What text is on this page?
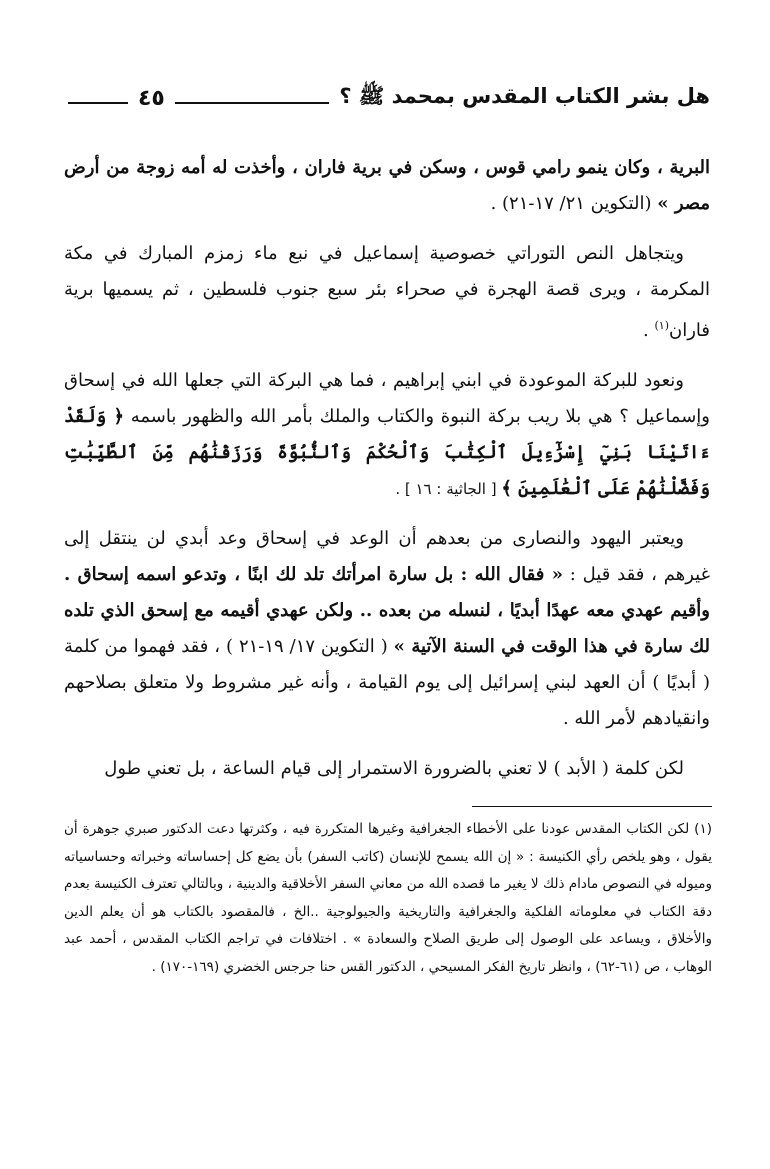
هل بشر الكتاب المقدس بمحمد ﷺ ؟
٤٥

البرية ، وكان ينمو رامي قوس ، وسكن في برية فاران ، وأخذت له أمه زوجة من أرض مصر » (التكوين ٢١/ ١٧-٢١) .

ويتجاهل النص التوراتي خصوصية إسماعيل في نبع ماء زمزم المبارك في مكة المكرمة ، ويرى قصة الهجرة في صحراء بئر سبع جنوب فلسطين ، ثم يسميها برية فاران$^{(١)}$ .

ونعود للبركة الموعودة في ابني إبراهيم ، فما هي البركة التي جعلها الله في إسحاق وإسماعيل ؟ هي بلا ريب بركة النبوة والكتاب والملك بأمر الله والظهور باسمه ﴿ وَلَقَدْ ءَاتَيْنَا بَنِيٓ إِسْرَٰٓءِيلَ ٱلْكِتَٰبَ وَٱلْحُكْمَ وَٱلنُّبُوَّةَ وَرَزَقْنَٰهُم مِّنَ ٱلطَّيِّبَٰتِ وَفَضَّلْنَٰهُمْ عَلَى ٱلْعَٰلَمِينَ ﴾ [ الجاثية : ١٦ ] .

ويعتبر اليهود والنصارى من بعدهم أن الوعد في إسحاق وعد أبدي لن ينتقل إلى غيرهم ، فقد قيل : « فقال الله : بل سارة امرأتك تلد لك ابنًا ، وتدعو اسمه إسحاق . وأقيم عهدي معه عهدًا أبديًا ، لنسله من بعده .. ولكن عهدي أقيمه مع إسحق الذي تلده لك سارة في هذا الوقت في السنة الآتية » ( التكوين ١٧/ ١٩-٢١ ) ، فقد فهموا من كلمة ( أبديًا ) أن العهد لبني إسرائيل إلى يوم القيامة ، وأنه غير مشروط ولا متعلق بصلاحهم وانقيادهم لأمر الله .

لكن كلمة ( الأبد ) لا تعني بالضرورة الاستمرار إلى قيام الساعة ، بل تعني طول

(١) لكن الكتاب المقدس عودنا على الأخطاء الجغرافية وغيرها المتكررة فيه ، وكثرتها دعت الدكتور صبري جوهرة أن يقول ، وهو يلخص رأي الكنيسة : « إن الله يسمح للإنسان (كاتب السفر) بأن يضع كل إحساساته وخبراته وحساسياته وميوله في النصوص مادام ذلك لا يغير ما قصده الله من معاني السفر الأخلاقية والدينية ، وبالتالي تعترف الكنيسة بعدم دقة الكتاب في معلوماته الفلكية والجغرافية والتاريخية والجيولوجية ..الخ ، فالمقصود بالكتاب هو أن يعلم الدين والأخلاق ، ويساعد على الوصول إلى طريق الصلاح والسعادة » . اختلافات في تراجم الكتاب المقدس ، أحمد عبد الوهاب ، ص (٦١-٦٢) ، وانظر تاريخ الفكر المسيحي ، الدكتور القس حنا جرجس الخضري (١٦٩-١٧٠) .
